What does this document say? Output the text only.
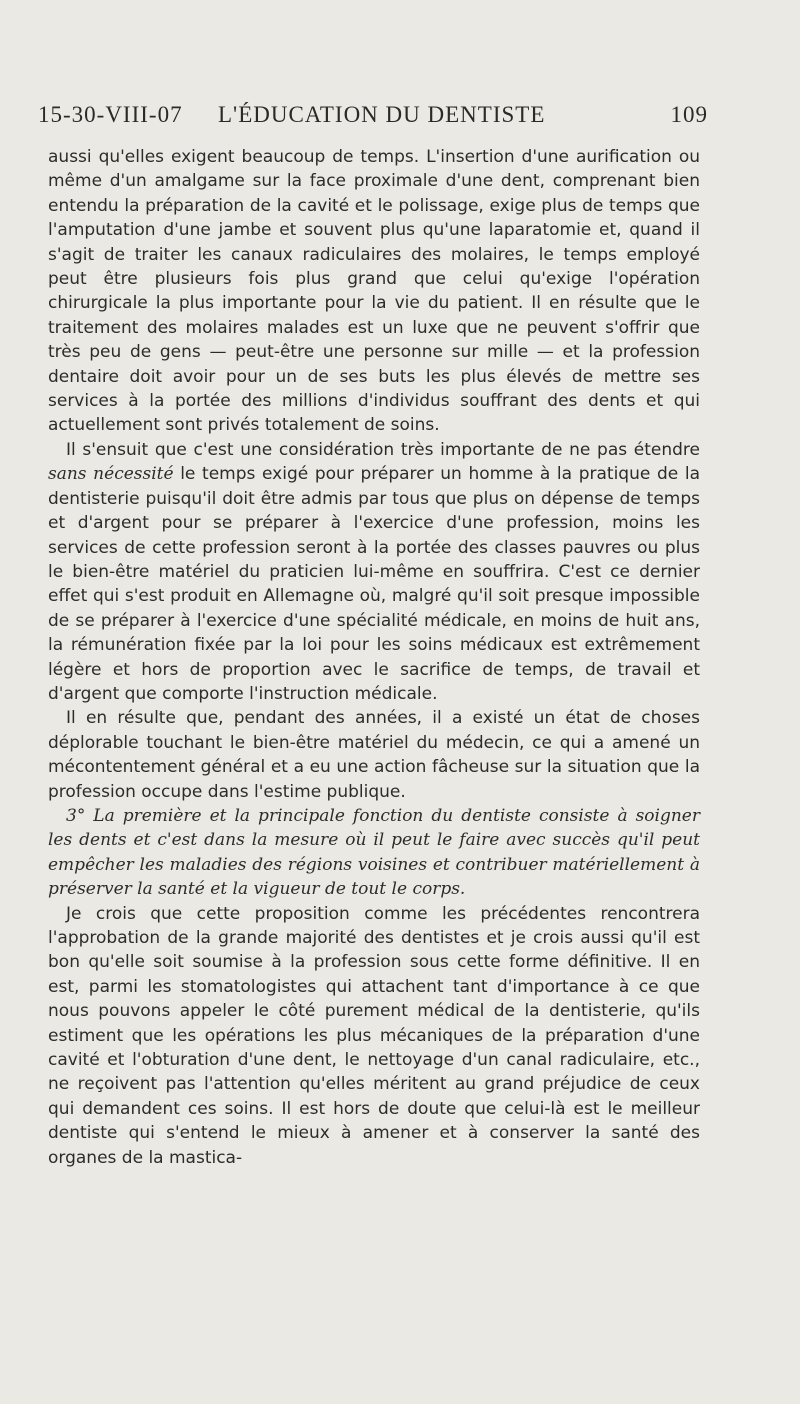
15-30-VIII-07 L'ÉDUCATION DU DENTISTE	109

aussi qu'elles exigent beaucoup de temps. L'insertion d'une aurification ou même d'un amalgame sur la face proximale d'une dent, comprenant bien entendu la préparation de la cavité et le polissage, exige plus de temps que l'amputation d'une jambe et souvent plus qu'une laparatomie et, quand il s'agit de traiter les canaux radiculaires des molaires, le temps employé peut être plusieurs fois plus grand que celui qu'exige l'opération chirurgicale la plus importante pour la vie du patient. Il en résulte que le traitement des molaires malades est un luxe que ne peuvent s'offrir que très peu de gens — peut-être une personne sur mille — et la profession dentaire doit avoir pour un de ses buts les plus élevés de mettre ses services à la portée des millions d'individus souffrant des dents et qui actuellement sont privés totalement de soins.

Il s'ensuit que c'est une considération très importante de ne pas étendre sans nécessité le temps exigé pour préparer un homme à la pratique de la dentisterie puisqu'il doit être admis par tous que plus on dépense de temps et d'argent pour se préparer à l'exercice d'une profession, moins les services de cette profession seront à la portée des classes pauvres ou plus le bien-être matériel du praticien lui-même en souffrira. C'est ce dernier effet qui s'est produit en Allemagne où, malgré qu'il soit presque impossible de se préparer à l'exercice d'une spécialité médicale, en moins de huit ans, la rémunération fixée par la loi pour les soins médicaux est extrêmement légère et hors de proportion avec le sacrifice de temps, de travail et d'argent que comporte l'instruction médicale.

Il en résulte que, pendant des années, il a existé un état de choses déplorable touchant le bien-être matériel du médecin, ce qui a amené un mécontentement général et a eu une action fâcheuse sur la situation que la profession occupe dans l'estime publique.

3° La première et la principale fonction du dentiste consiste à soigner les dents et c'est dans la mesure où il peut le faire avec succès qu'il peut empêcher les maladies des régions voisines et contribuer matériellement à préserver la santé et la vigueur de tout le corps.

Je crois que cette proposition comme les précédentes rencontrera l'approbation de la grande majorité des dentistes et je crois aussi qu'il est bon qu'elle soit soumise à la profession sous cette forme définitive. Il en est, parmi les stomatologistes qui attachent tant d'importance à ce que nous pouvons appeler le côté purement médical de la dentisterie, qu'ils estiment que les opérations les plus mécaniques de la préparation d'une cavité et l'obturation d'une dent, le nettoyage d'un canal radiculaire, etc., ne reçoivent pas l'attention qu'elles méritent au grand préjudice de ceux qui demandent ces soins. Il est hors de doute que celui-là est le meilleur dentiste qui s'entend le mieux à amener et à conserver la santé des organes de la mastica-
